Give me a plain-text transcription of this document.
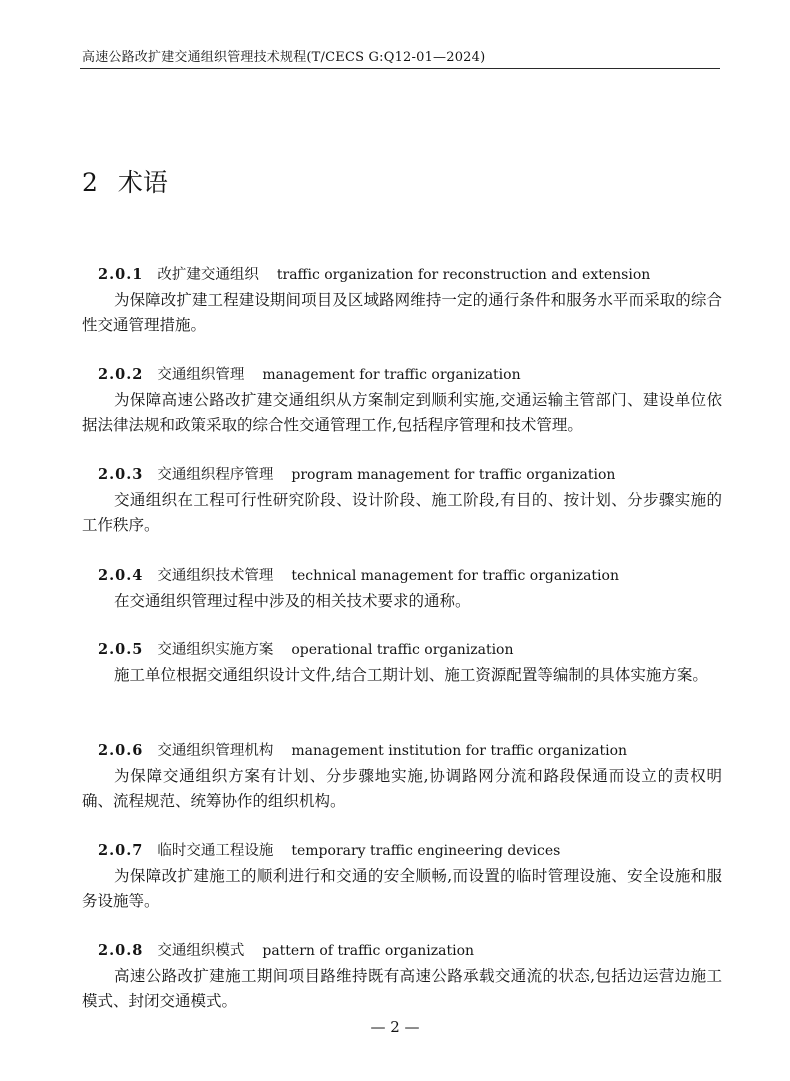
高速公路改扩建交通组织管理技术规程(T/CECS G:Q12-01—2024)
2 术语
2.0.1 改扩建交通组织 traffic organization for reconstruction and extension

为保障改扩建工程建设期间项目及区域路网维持一定的通行条件和服务水平而采取的综合性交通管理措施。

2.0.2 交通组织管理 management for traffic organization

为保障高速公路改扩建交通组织从方案制定到顺利实施,交通运输主管部门、建设单位依据法律法规和政策采取的综合性交通管理工作,包括程序管理和技术管理。

2.0.3 交通组织程序管理 program management for traffic organization

交通组织在工程可行性研究阶段、设计阶段、施工阶段,有目的、按计划、分步骤实施的工作秩序。

2.0.4 交通组织技术管理 technical management for traffic organization

在交通组织管理过程中涉及的相关技术要求的通称。

2.0.5 交通组织实施方案 operational traffic organization

施工单位根据交通组织设计文件,结合工期计划、施工资源配置等编制的具体实施方案。

2.0.6 交通组织管理机构 management institution for traffic organization

为保障交通组织方案有计划、分步骤地实施,协调路网分流和路段保通而设立的责权明确、流程规范、统筹协作的组织机构。

2.0.7 临时交通工程设施 temporary traffic engineering devices

为保障改扩建施工的顺利进行和交通的安全顺畅,而设置的临时管理设施、安全设施和服务设施等。

2.0.8 交通组织模式 pattern of traffic organization

高速公路改扩建施工期间项目路维持既有高速公路承载交通流的状态,包括边运营边施工模式、封闭交通模式。

— 2 —
